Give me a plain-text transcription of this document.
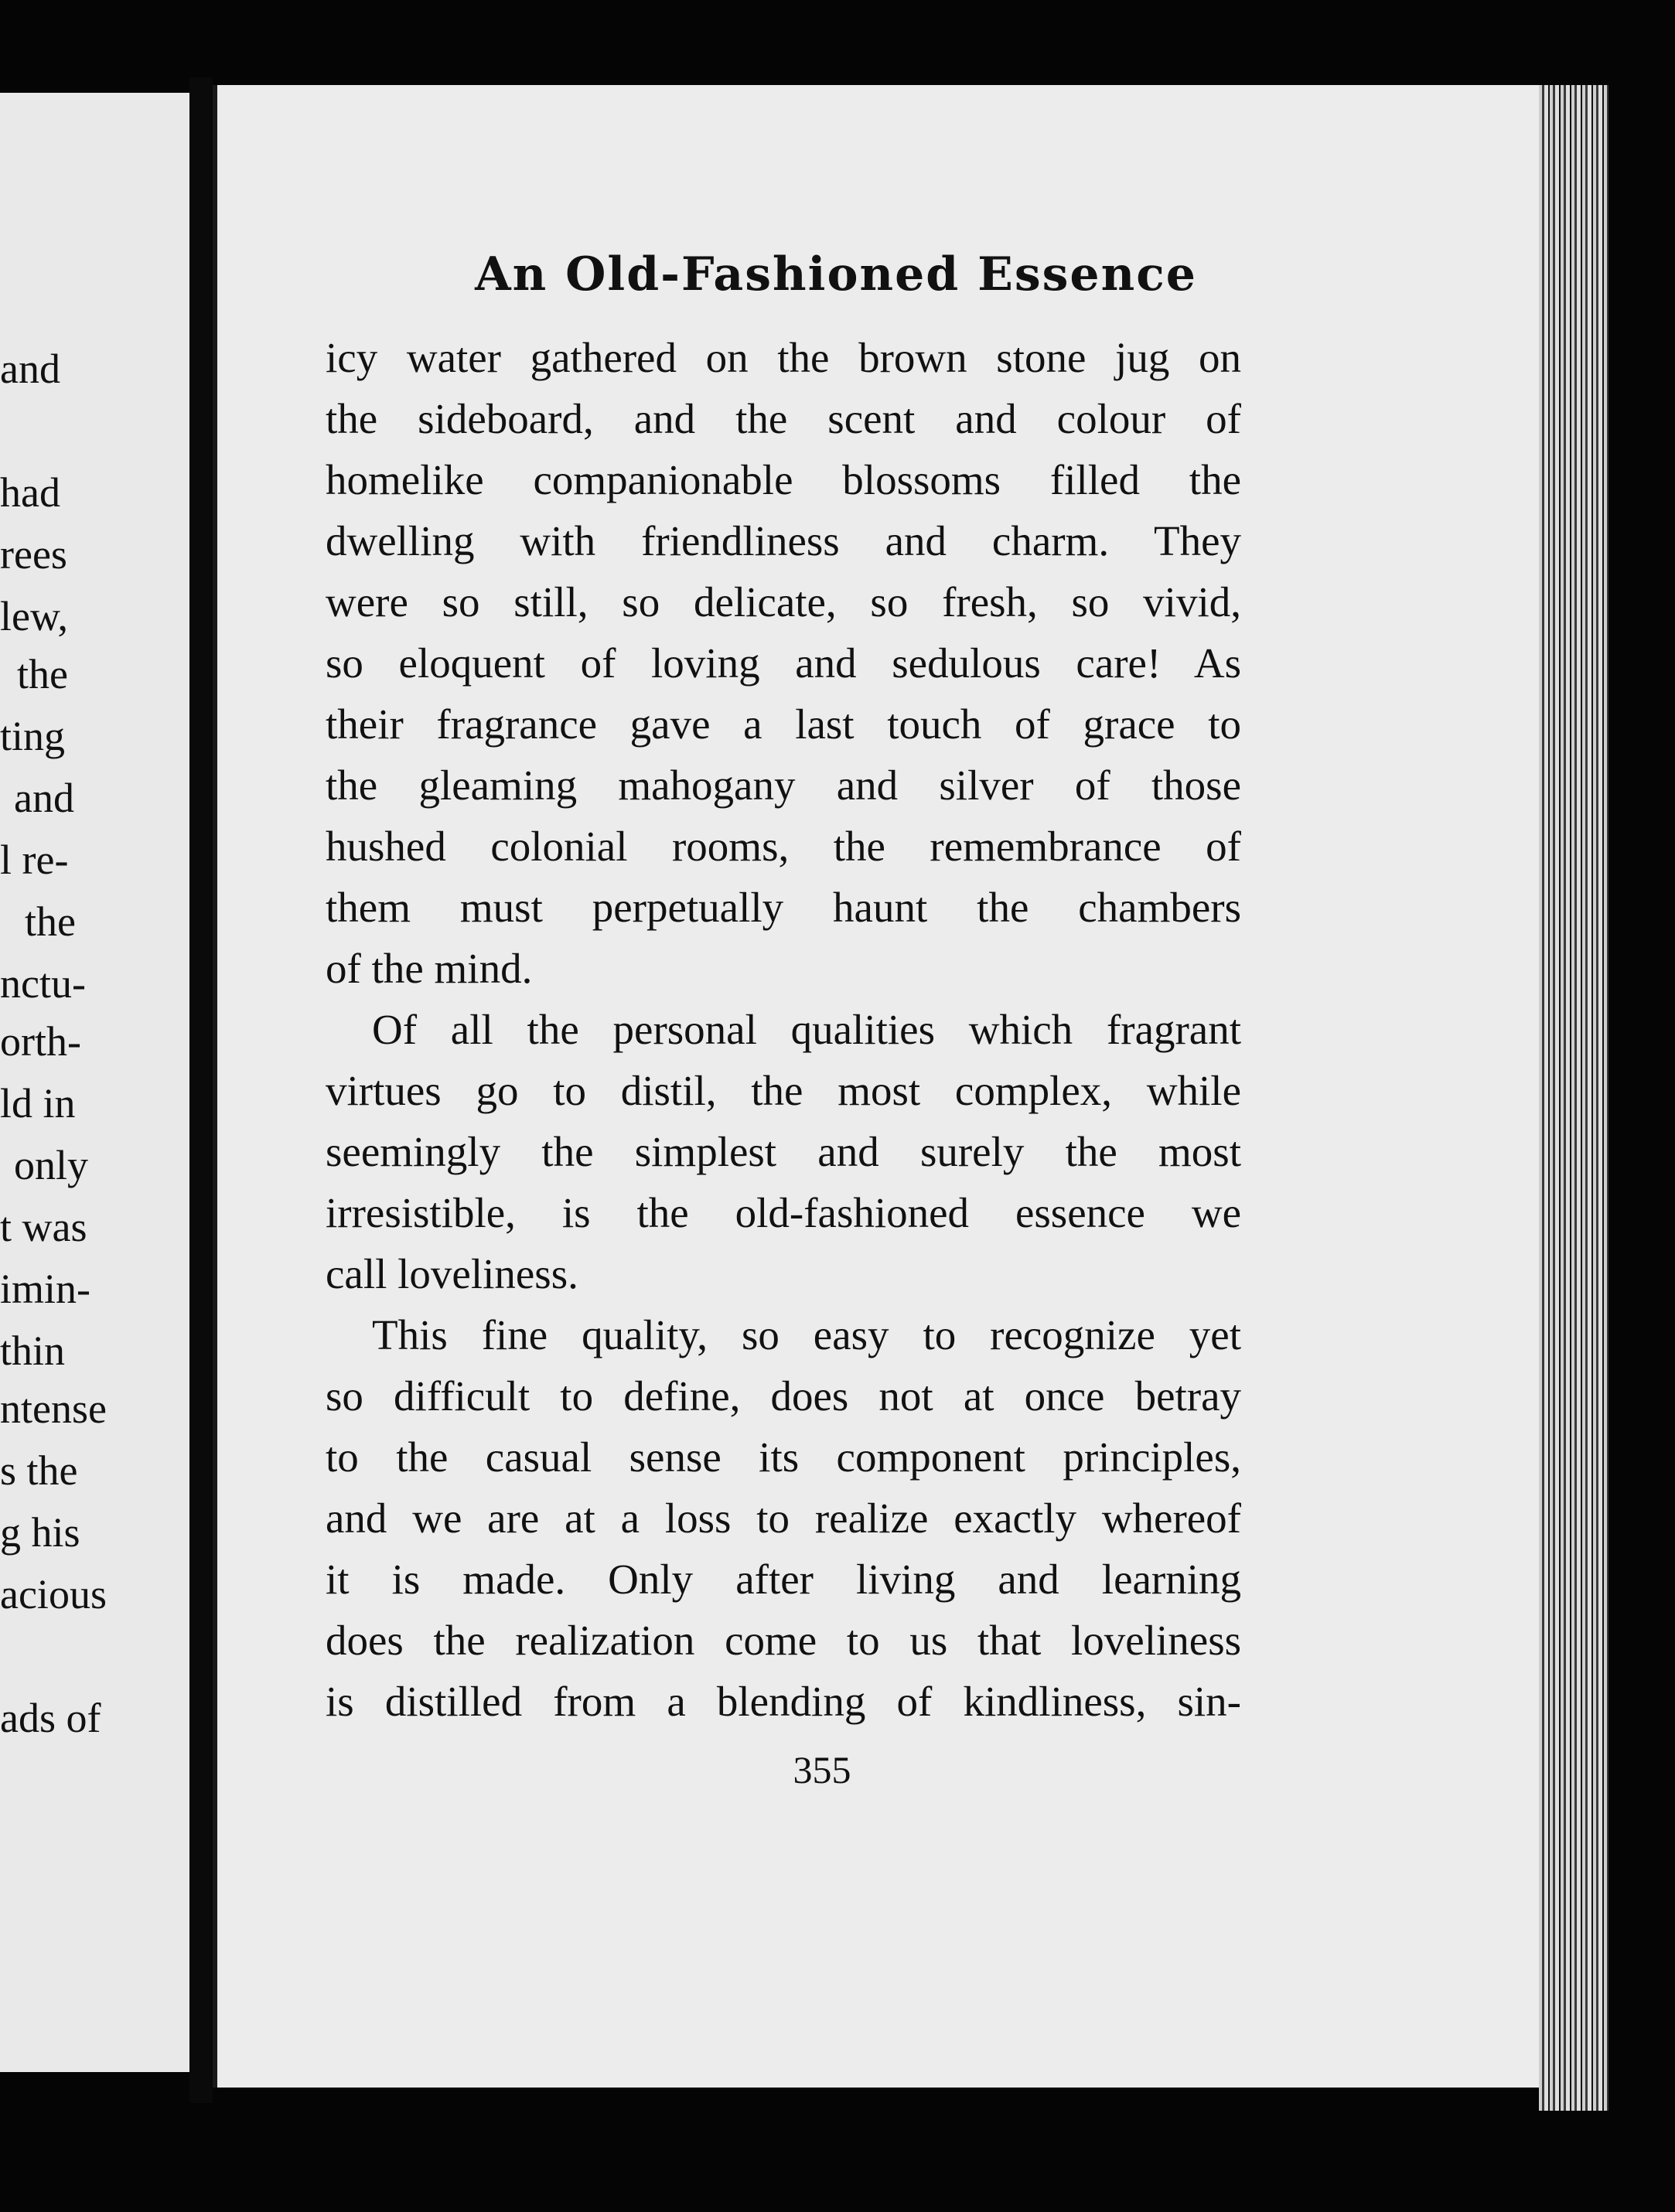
and
had
rees
lew,
the
ting
and
l re-
the
nctu-
orth-
ld in
only
t was
imin-
thin
ntense
s the
g his
acious
ads of
An Old-Fashioned Essence
icy water gathered on the brown stone jug on
the sideboard, and the scent and colour of
homelike companionable blossoms filled the
dwelling with friendliness and charm. They
were so still, so delicate, so fresh, so vivid,
so eloquent of loving and sedulous care! As
their fragrance gave a last touch of grace to
the gleaming mahogany and silver of those
hushed colonial rooms, the remembrance of
them must perpetually haunt the chambers
of the mind.
Of all the personal qualities which fragrant
virtues go to distil, the most complex, while
seemingly the simplest and surely the most
irresistible, is the old-fashioned essence we
call loveliness.
This fine quality, so easy to recognize yet
so difficult to define, does not at once betray
to the casual sense its component principles,
and we are at a loss to realize exactly whereof
it is made. Only after living and learning
does the realization come to us that loveliness
is distilled from a blending of kindliness, sin-
355
